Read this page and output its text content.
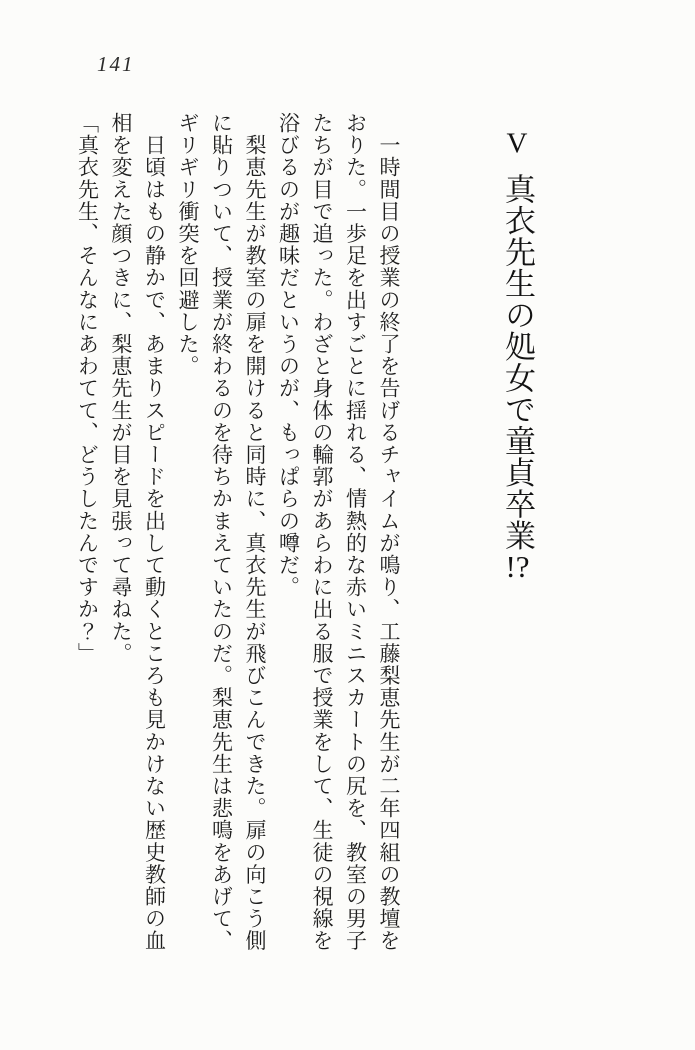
141
V真衣先生の処女で童貞卒業!?

　一時間目の授業の終了を告げるチャイムが鳴り、工藤梨恵先生が二年四組の教壇をおりた。一歩足を出すごとに揺れる、情熱的な赤いミニスカートの尻を、教室の男子たちが目で追った。わざと身体の輪郭があらわに出る服で授業をして、生徒の視線を浴びるのが趣味だというのが、もっぱらの噂だ。

　梨恵先生が教室の扉を開けると同時に、真衣先生が飛びこんできた。扉の向こう側に貼りついて、授業が終わるのを待ちかまえていたのだ。梨恵先生は悲鳴をあげて、ギリギリ衝突を回避した。

　日頃はもの静かで、あまりスピードを出して動くところも見かけない歴史教師の血相を変えた顔つきに、梨恵先生が目を見張って尋ねた。

「真衣先生、そんなにあわてて、どうしたんですか？」
